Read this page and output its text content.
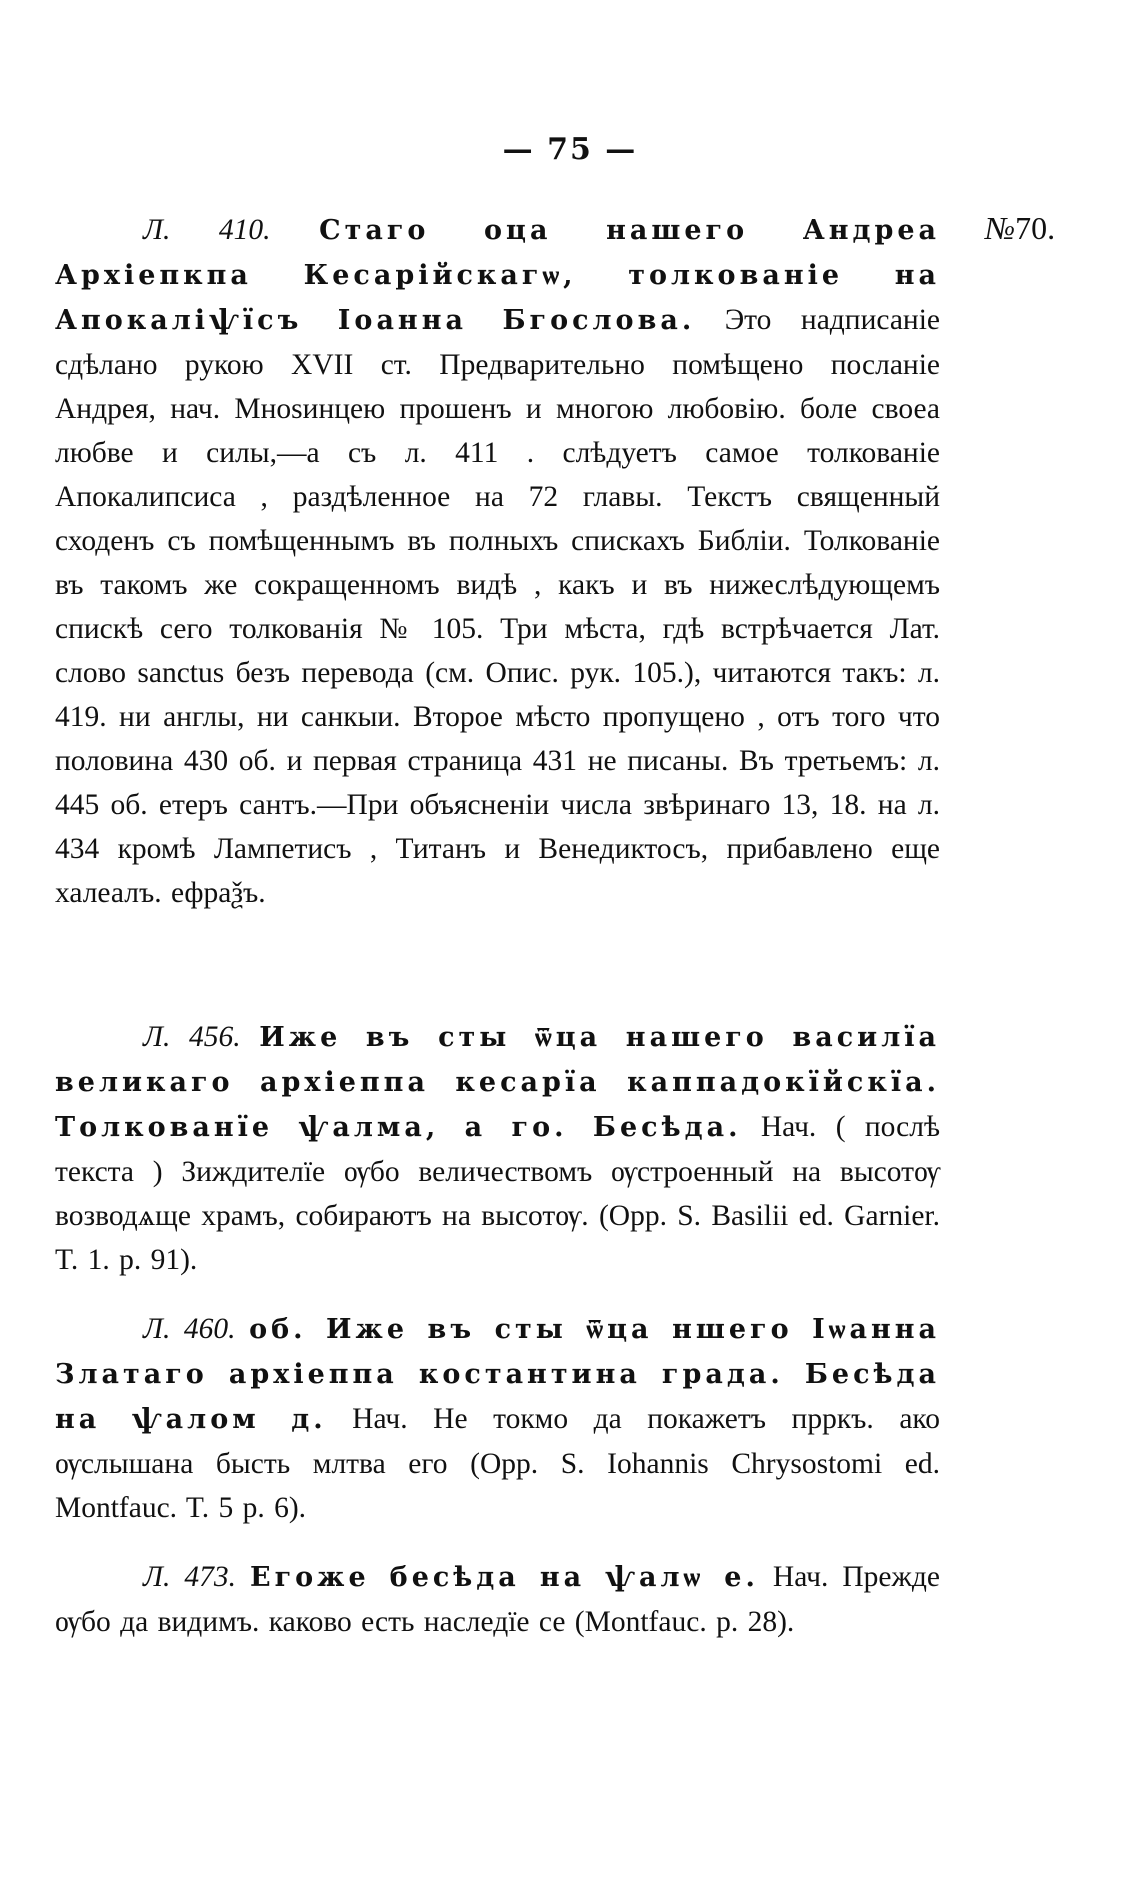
— 75 —
№70.
Л. 410. Стаго оца нашего Андреа Архіепкпа Кесарійскагѡ, толкованіе на Апокаліѱїсъ Іоанна Бгослова. Это надписаніе сдѣлано рукою XVII ст. Предварительно помѣщено посланіе Андрея, нач. Мноѕинцею прошенъ и многою любовію. боле своеа любве и силы,—а съ л. 411 . слѣдуетъ самое толкованіе Апокалипсиса , раздѣленное на 72 главы. Текстъ священный сходенъ съ помѣщеннымъ въ полныхъ спискахъ Библіи. Толкованіе въ такомъ же сокращенномъ видѣ , какъ и въ нижеслѣдующемъ спискѣ сего толкованія № 105. Три мѣста, гдѣ встрѣчается Лат. слово sanctus безъ перевода (см. Опис. рук. 105.), читаются такъ: л. 419. ни англы, ни санкыи. Второе мѣсто пропущено , отъ того что половина 430 об. и первая страница 431 не писаны. Въ третьемъ: л. 445 об. етеръ сантъ.—При объясненіи числа звѣринаго 13, 18. на л. 434 кромѣ Лампетисъ , Титанъ и Венедиктосъ, прибавлено еще халеалъ. ефраѯъ.
Л. 456. Иже въ сты ѿца нашего василїа великаго архіеппа кесарїа каппадокїйскїа. Толкованїе ѱалма, а го. Бесѣда. Нач. ( послѣ текста ) Зиждителїе ѹбо величествомъ ѹстроенный на высотѹ возводѧще храмъ, собираютъ на высотѹ. (Opp. S. Basilii ed. Garnier. T. 1. p. 91).
Л. 460. об. Иже въ сты ѿца ншего Іѡанна Златаго архіеппа костантина града. Бесѣда на ѱалом д. Нач. Не токмо да покажетъ прркъ. ако ѹслышана бысть млтва его (Opp. S. Iohannis Chrysostomi ed. Montfauc. T. 5 p. 6).
Л. 473. Егоже бесѣда на ѱалѡ е. Нач. Прежде ѹбо да видимъ. каково есть наследїе се (Montfauc. p. 28).
